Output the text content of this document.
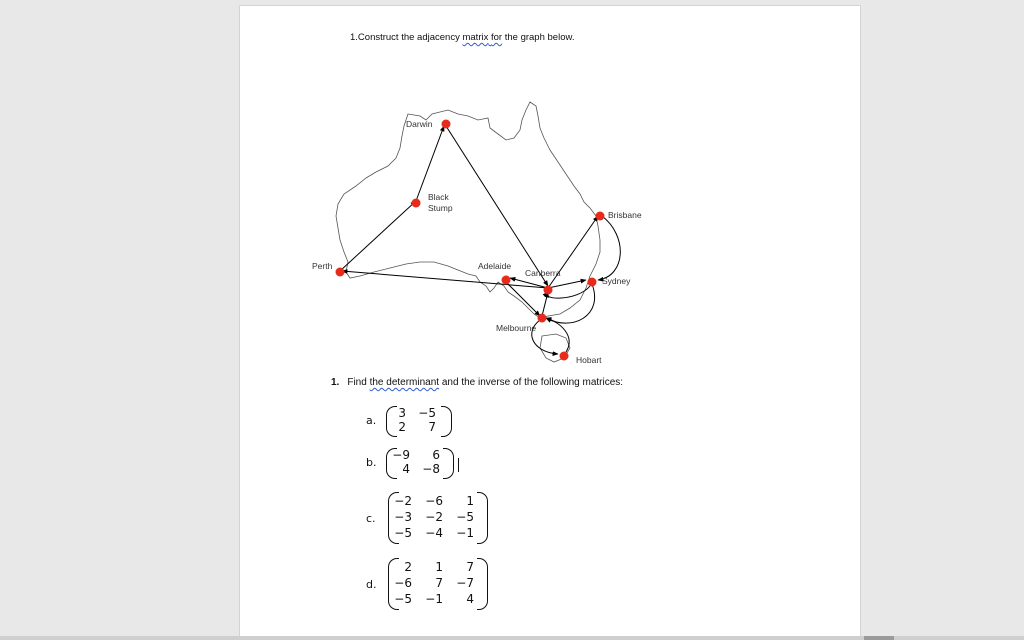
1.Construct the adjacency matrix for the graph below.
Darwin
Black
Stump
Perth	Adelaide
Canberra
Brisbane
Sydney
Melbourne
Hobart
1. Find the determinant and the inverse of the following matrices:
a.
3	−5
2	7
b.
−9	6
4	−8
c.
−2	−6	1
−3	−2	−5
−5	−4	−1
d.
2	1	7
−6	7	−7
−5	−1	4
